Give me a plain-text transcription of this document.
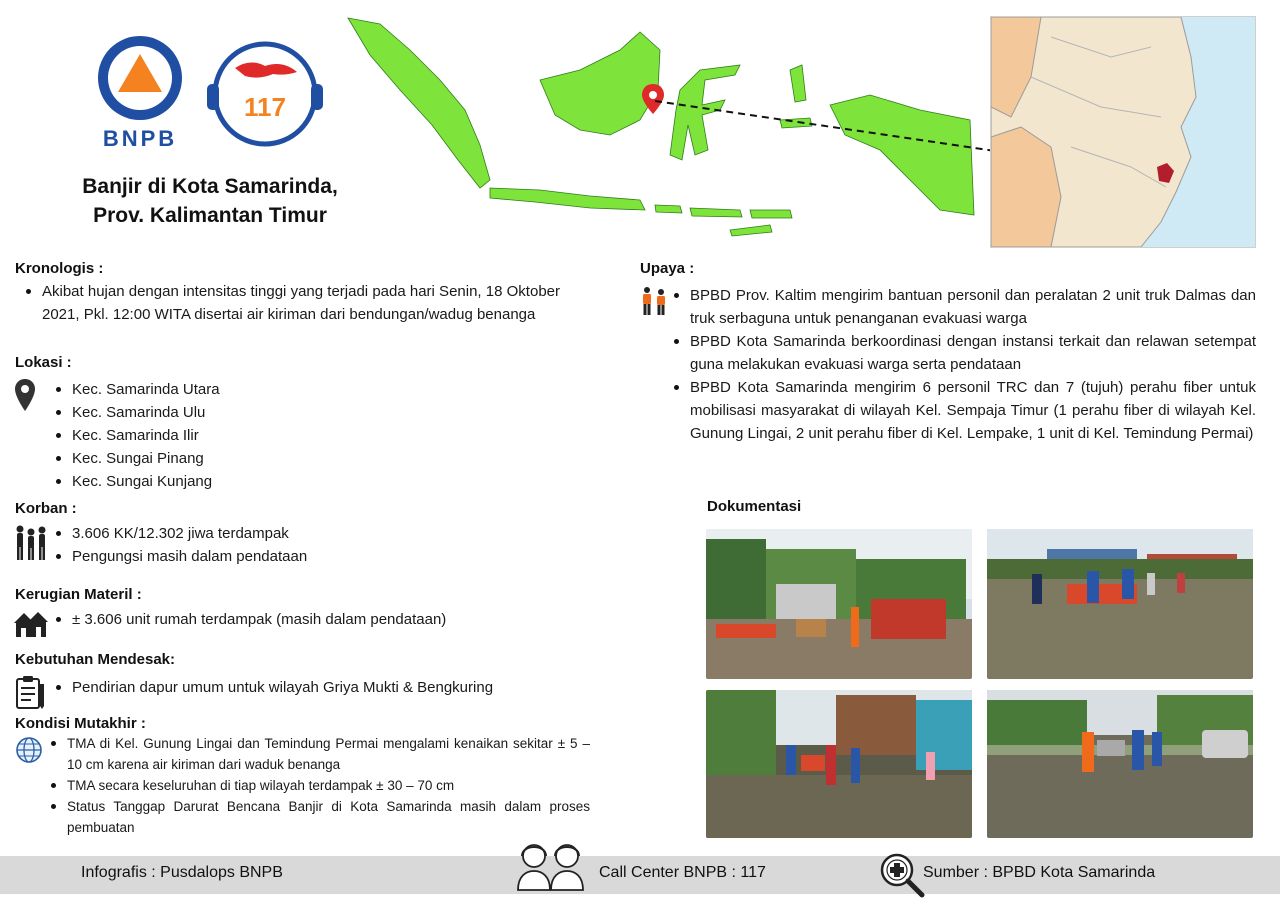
BNPB
117
Banjir di Kota Samarinda,
Prov. Kalimantan Timur
Kronologis :
Akibat hujan dengan intensitas tinggi yang terjadi pada hari Senin, 18 Oktober 2021, Pkl. 12:00 WITA disertai air kiriman dari bendungan/wadug benanga
Lokasi :
Kec. Samarinda Utara
Kec. Samarinda Ulu
Kec. Samarinda Ilir
Kec. Sungai Pinang
Kec. Sungai Kunjang
Korban :
3.606 KK/12.302 jiwa terdampak
Pengungsi masih dalam pendataan
Kerugian Materil :
± 3.606 unit rumah terdampak (masih dalam pendataan)
Kebutuhan Mendesak:
Pendirian dapur umum untuk wilayah Griya Mukti & Bengkuring
Kondisi Mutakhir :
TMA di Kel. Gunung Lingai dan Temindung Permai mengalami kenaikan sekitar ± 5 – 10 cm karena air kiriman dari waduk benanga
TMA secara keseluruhan di tiap wilayah terdampak ± 30 – 70 cm
Status Tanggap Darurat Bencana Banjir di Kota Samarinda masih dalam proses pembuatan
Upaya :
BPBD Prov. Kaltim mengirim bantuan personil dan peralatan 2 unit truk Dalmas dan truk serbaguna untuk penanganan evakuasi warga
BPBD Kota Samarinda berkoordinasi dengan instansi terkait dan relawan setempat guna melakukan evakuasi warga serta pendataan
BPBD Kota Samarinda mengirim 6 personil TRC dan 7 (tujuh) perahu fiber untuk mobilisasi masyarakat di wilayah Kel. Sempaja Timur (1 perahu fiber di wilayah Kel. Gunung Lingai, 2 unit perahu fiber di Kel. Lempake, 1 unit di Kel. Temindung Permai)
Dokumentasi
Infografis : Pusdalops BNPB	Call Center BNPB : 117	Sumber : BPBD Kota Samarinda
